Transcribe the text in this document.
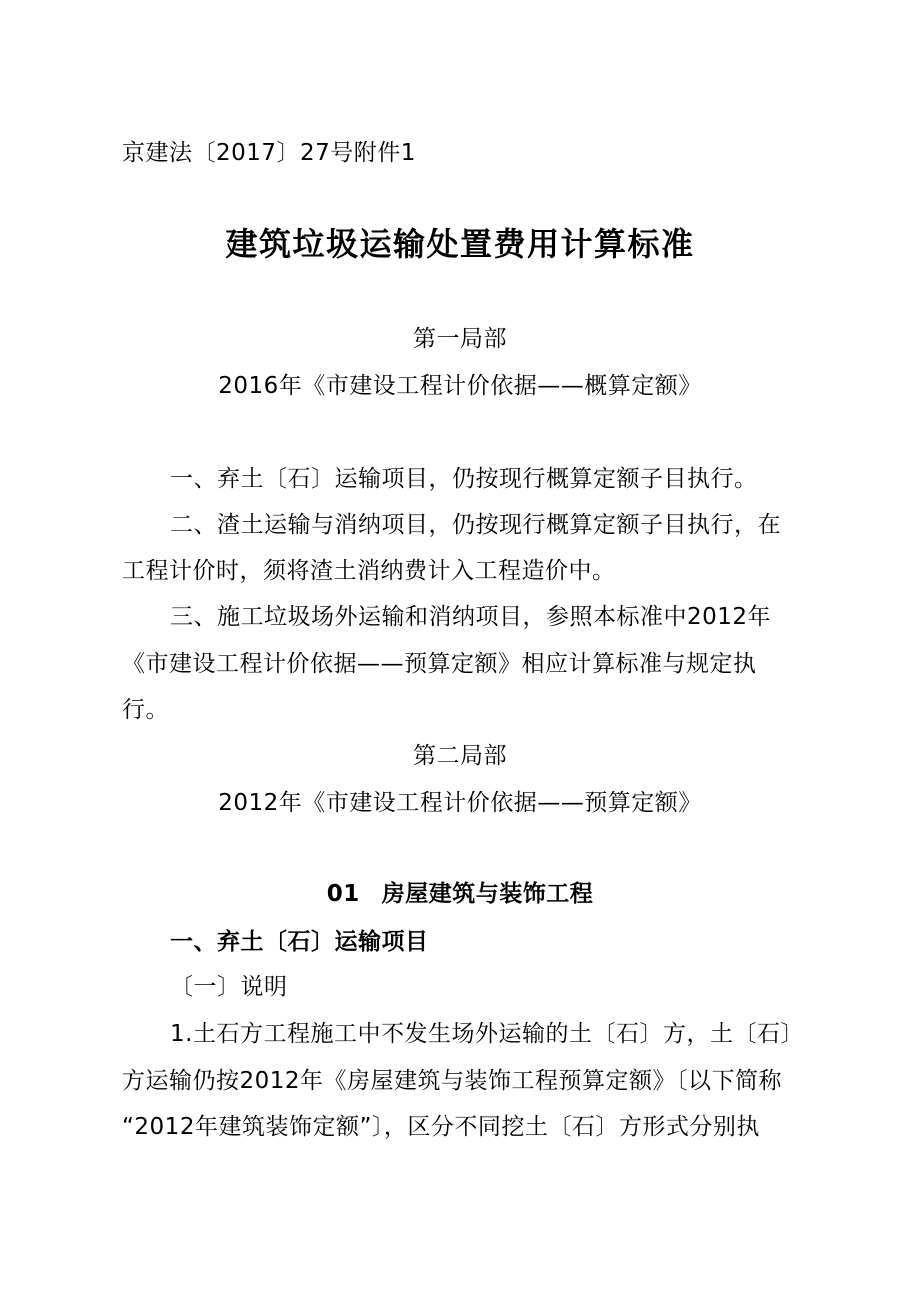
京建法〔2017〕27号附件1
建筑垃圾运输处置费用计算标准
第一局部
2016年《市建设工程计价依据——概算定额》
一、弃土〔石〕运输项目，仍按现行概算定额子目执行。
二、渣土运输与消纳项目，仍按现行概算定额子目执行，在
工程计价时，须将渣土消纳费计入工程造价中。
三、施工垃圾场外运输和消纳项目，参照本标准中2012年
《市建设工程计价依据——预算定额》相应计算标准与规定执
行。
第二局部
2012年《市建设工程计价依据——预算定额》
01 房屋建筑与装饰工程
一、弃土〔石〕运输项目
〔一〕说明
1.土石方工程施工中不发生场外运输的土〔石〕方，土〔石〕
方运输仍按2012年《房屋建筑与装饰工程预算定额》〔以下简称
“2012年建筑装饰定额”〕，区分不同挖土〔石〕方形式分别执
